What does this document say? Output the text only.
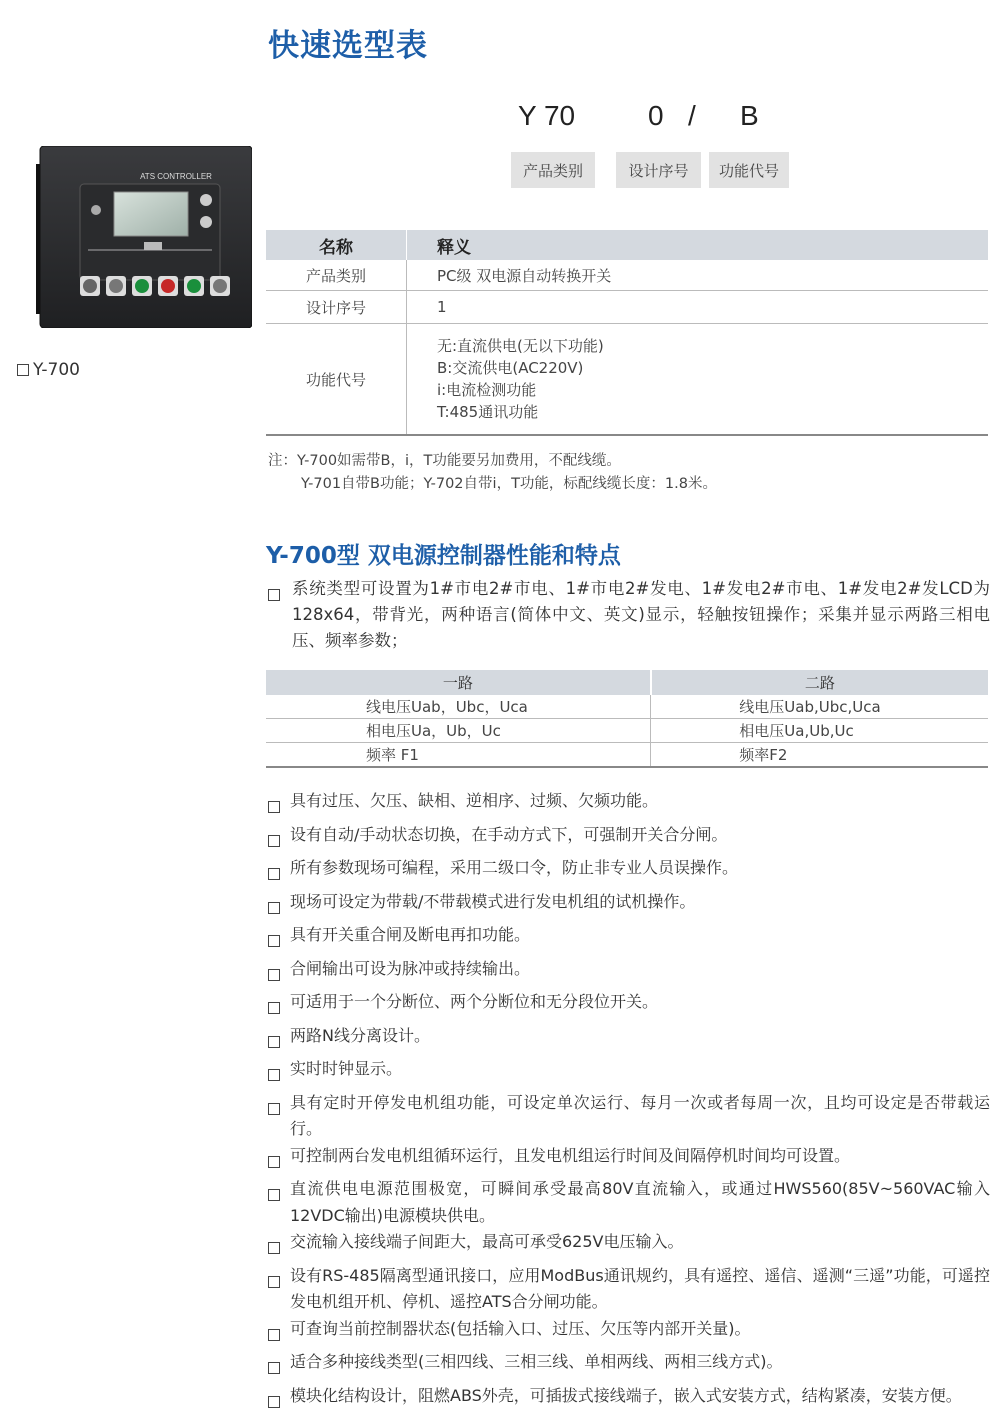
快速选型表
Y 70	0 / B
产品类别	设计序号	功能代号
ATS CONTROLLER
Y-700
名称	释义
产品类别	PC级 双电源自动转换开关
设计序号	1
功能代号	无:直流供电(无以下功能)
B:交流供电(AC220V)
i:电流检测功能
T:485通讯功能
注：Y-700如需带B，i，T功能要另加费用，不配线缆。
Y-701自带B功能；Y-702自带i，T功能，标配线缆长度：1.8米。
Y-700型 双电源控制器性能和特点
系统类型可设置为1#市电2#市电、1#市电2#发电、1#发电2#市电、1#发电2#发LCD为128x64，带背光，两种语言(简体中文、英文)显示，轻触按钮操作；采集并显示两路三相电压、频率参数；
一路	二路
线电压Uab，Ubc，Uca	线电压Uab,Ubc,Uca
相电压Ua，Ub，Uc	相电压Ua,Ub,Uc
频率 F1	频率F2
具有过压、欠压、缺相、逆相序、过频、欠频功能。
设有自动/手动状态切换，在手动方式下，可强制开关合分闸。
所有参数现场可编程，采用二级口令，防止非专业人员误操作。
现场可设定为带载/不带载模式进行发电机组的试机操作。
具有开关重合闸及断电再扣功能。
合闸输出可设为脉冲或持续输出。
可适用于一个分断位、两个分断位和无分段位开关。
两路N线分离设计。
实时时钟显示。
具有定时开停发电机组功能，可设定单次运行、每月一次或者每周一次，且均可设定是否带载运行。
可控制两台发电机组循环运行，且发电机组运行时间及间隔停机时间均可设置。
直流供电电源范围极宽，可瞬间承受最高80V直流输入，或通过HWS560(85V~560VAC输入12VDC输出)电源模块供电。
交流输入接线端子间距大，最高可承受625V电压输入。
设有RS-485隔离型通讯接口，应用ModBus通讯规约，具有遥控、遥信、遥测“三遥”功能，可遥控发电机组开机、停机、遥控ATS合分闸功能。
可查询当前控制器状态(包括输入口、过压、欠压等内部开关量)。
适合多种接线类型(三相四线、三相三线、单相两线、两相三线方式)。
模块化结构设计，阻燃ABS外壳，可插拔式接线端子，嵌入式安装方式，结构紧凑，安装方便。
